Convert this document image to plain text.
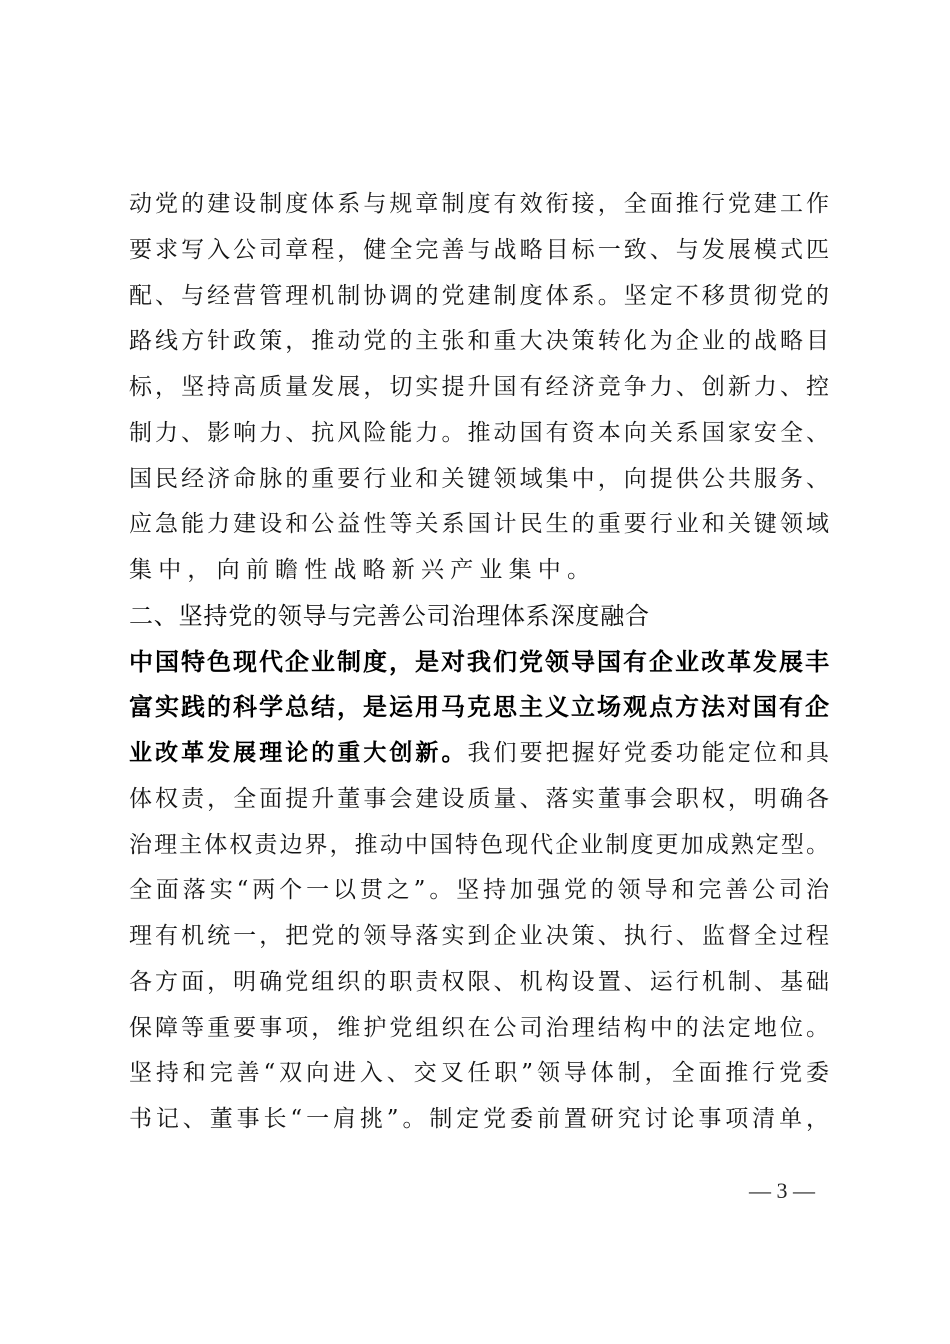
动​党​的​建​设​制​度​体​系​与​规​章​制​度​有​效​衔​接​，​全​面​推​行​党​建​工​作
要​求​写​入​公​司​章​程​，​健​全​完​善​与​战​略​目​标​一​致​、​与​发​展​模​式​匹
配​、​与​经​营​管​理​机​制​协​调​的​党​建​制​度​体​系​。​坚​定​不​移​贯​彻​党​的
路​线​方​针​政​策​，​推​动​党​的​主​张​和​重​大​决​策​转​化​为​企​业​的​战​略​目
标​，​坚​持​高​质​量​发​展​，​切​实​提​升​国​有​经​济​竞​争​力​、​创​新​力​、​控
制​力​、​影​响​力​、​抗​风​险​能​力​。​推​动​国​有​资​本​向​关​系​国​家​安​全​、
国​民​经​济​命​脉​的​重​要​行​业​和​关​键​领​域​集​中​，​向​提​供​公​共​服​务​、
应​急​能​力​建​设​和​公​益​性​等​关​系​国​计​民​生​的​重​要​行​业​和​关​键​领​域
集中，向前瞻性战略新兴产业集中。
二、坚持党的领导与完善公司治理体系深度融合
中​国​特​色​现​代​企​业​制​度​，​是​对​我​们​党​领​导​国​有​企​业​改​革​发​展​丰
富​实​践​的​科​学​总​结​，​是​运​用​马​克​思​主​义​立​场​观​点​方​法​对​国​有​企
业​改​革​发​展​理​论​的​重​大​创​新​。我​们​要​把​握​好​党​委​功​能​定​位​和​具
体​权​责​，​全​面​提​升​董​事​会​建​设​质​量​、​落​实​董​事​会​职​权​，​明​确​各
治​理​主​体​权​责​边​界​，​推​动​中​国​特​色​现​代​企​业​制​度​更​加​成​熟​定​型​。
全​面​落​实​“​两​个​一​以​贯​之​”​。​坚​持​加​强​党​的​领​导​和​完​善​公​司​治
理​有​机​统​一​，​把​党​的​领​导​落​实​到​企​业​决​策​、​执​行​、​监​督​全​过​程
各​方​面​，​明​确​党​组​织​的​职​责​权​限​、​机​构​设​置​、​运​行​机​制​、​基​础
保​障​等​重​要​事​项​，​维​护​党​组​织​在​公​司​治​理​结​构​中​的​法​定​地​位​。
坚​持​和​完​善​“​双​向​进​入​、​交​叉​任​职​”​领​导​体​制​，​全​面​推​行​党​委
书​记​、​董​事​长​“​一​肩​挑​”​。​制​定​党​委​前​置​研​究​讨​论​事​项​清​单​，
— 3 —
